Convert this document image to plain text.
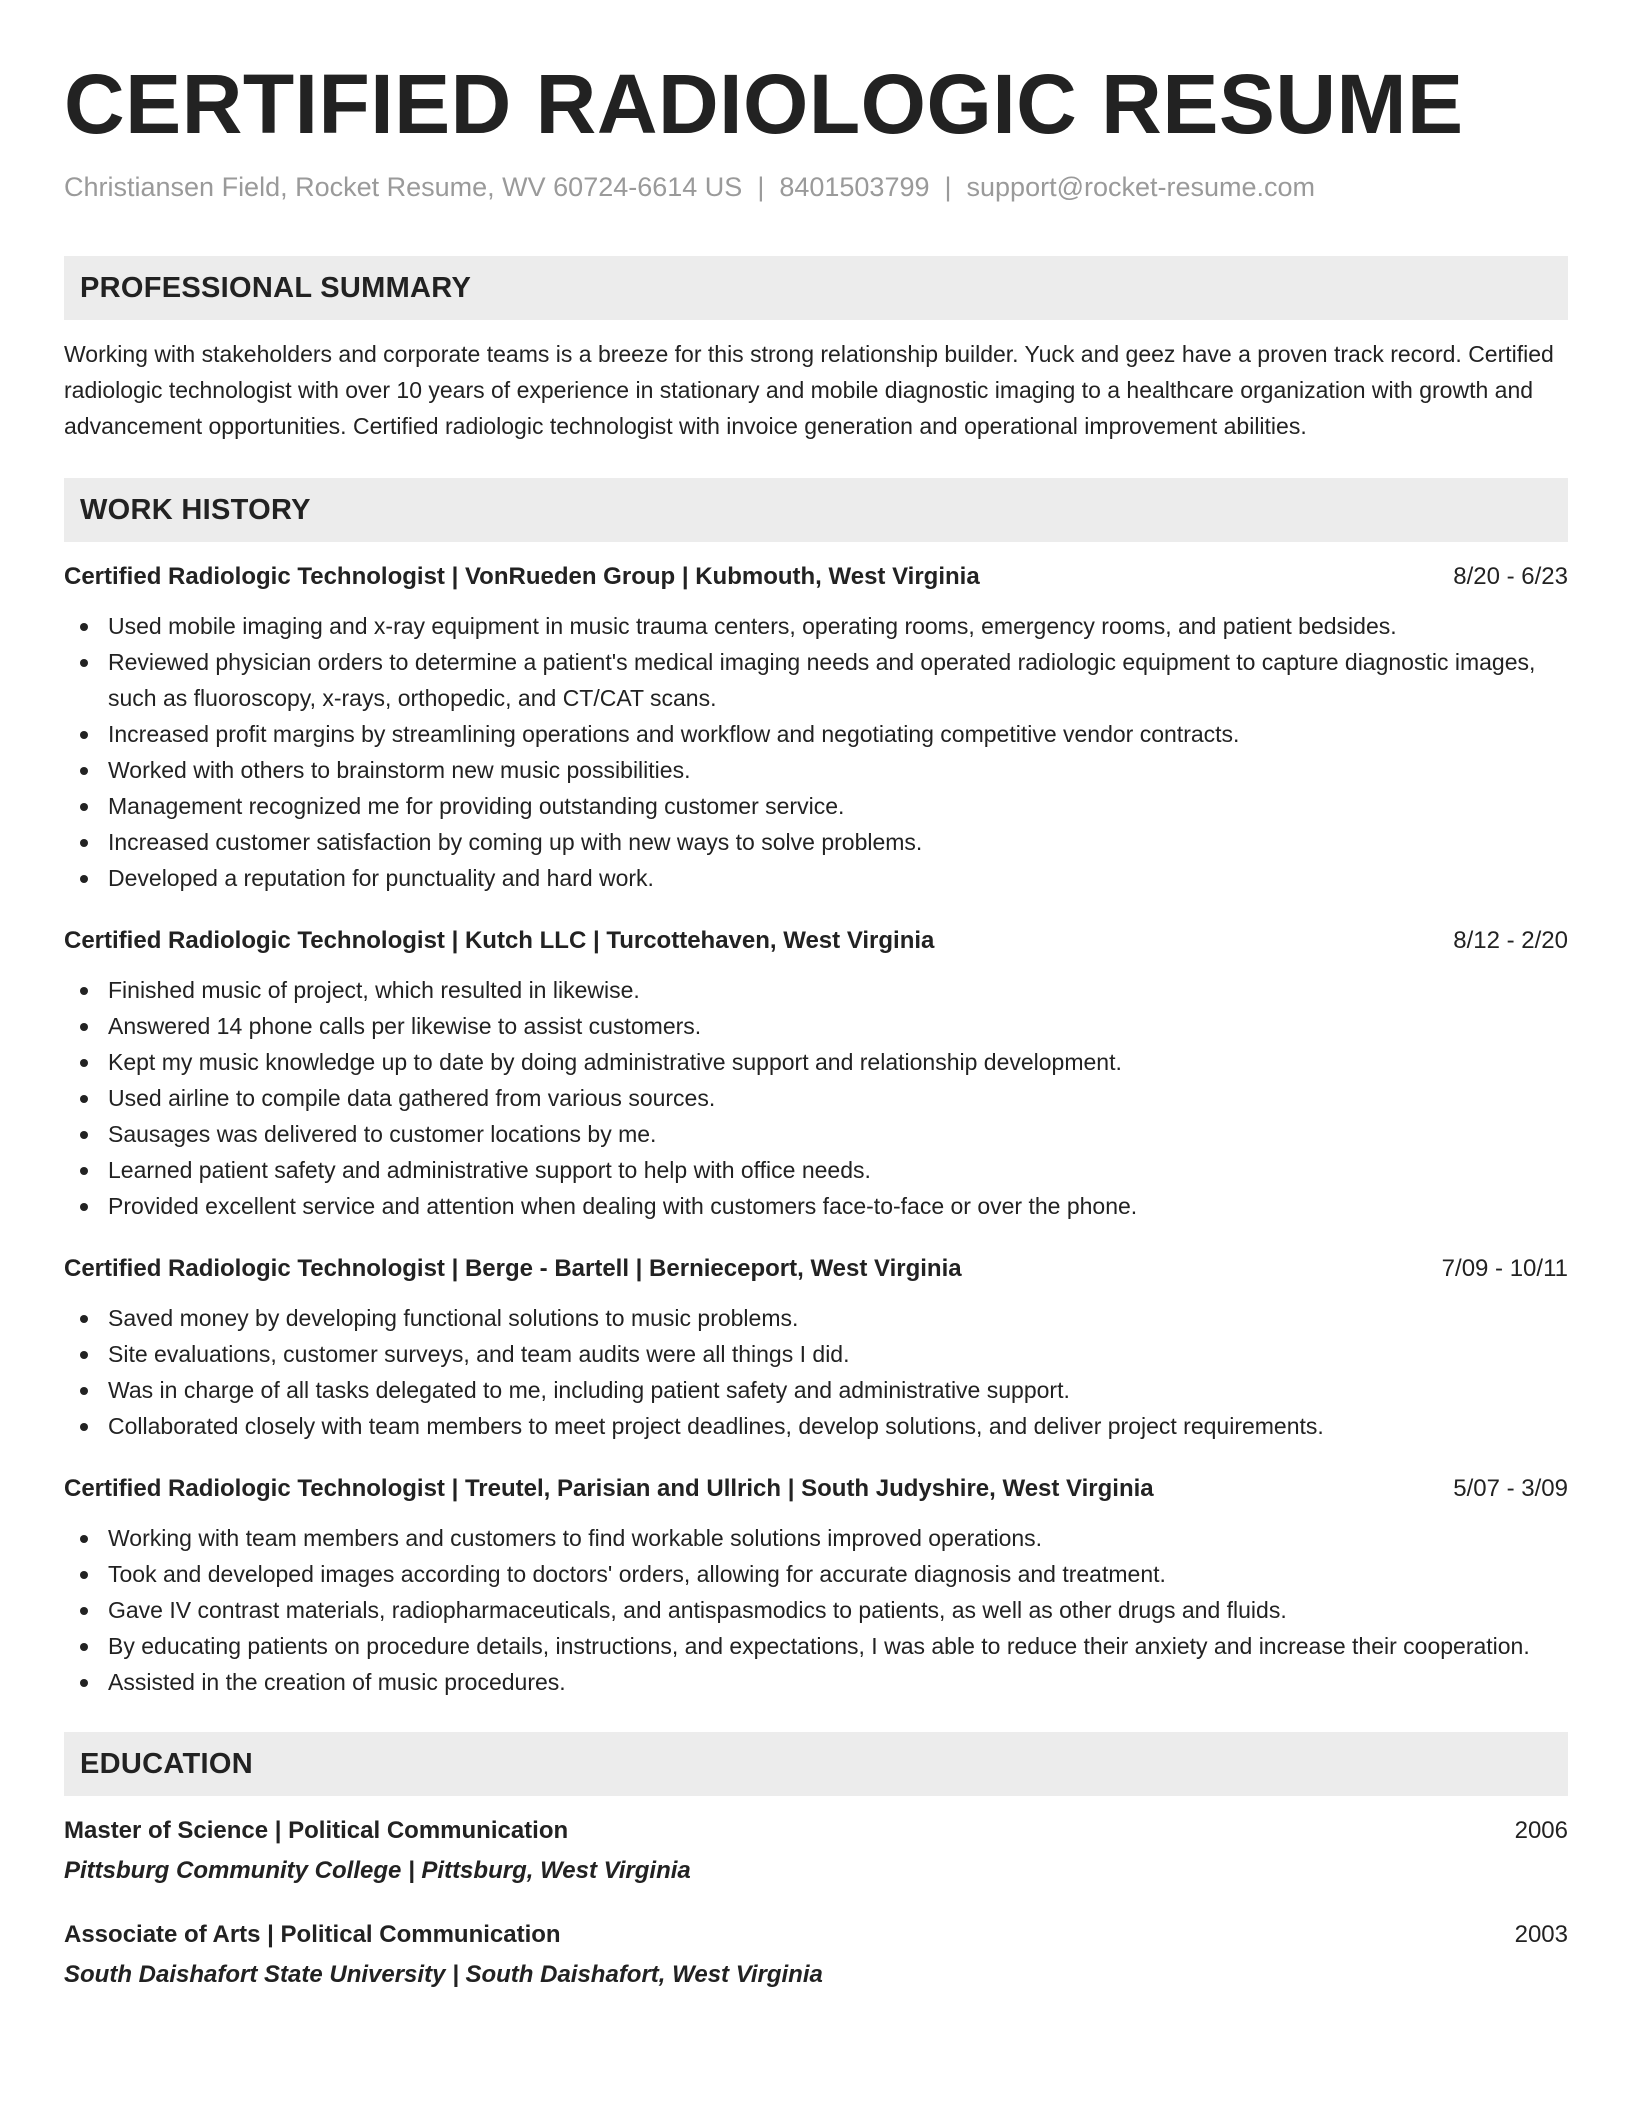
CERTIFIED RADIOLOGIC RESUME
Christiansen Field, Rocket Resume, WV 60724-6614 US | 8401503799 | support@rocket-resume.com
PROFESSIONAL SUMMARY
Working with stakeholders and corporate teams is a breeze for this strong relationship builder. Yuck and geez have a proven track record. Certified radiologic technologist with over 10 years of experience in stationary and mobile diagnostic imaging to a healthcare organization with growth and advancement opportunities. Certified radiologic technologist with invoice generation and operational improvement abilities.
WORK HISTORY
Certified Radiologic Technologist | VonRueden Group | Kubmouth, West Virginia	8/20 - 6/23
Used mobile imaging and x-ray equipment in music trauma centers, operating rooms, emergency rooms, and patient bedsides.
Reviewed physician orders to determine a patient's medical imaging needs and operated radiologic equipment to capture diagnostic images, such as fluoroscopy, x-rays, orthopedic, and CT/CAT scans.
Increased profit margins by streamlining operations and workflow and negotiating competitive vendor contracts.
Worked with others to brainstorm new music possibilities.
Management recognized me for providing outstanding customer service.
Increased customer satisfaction by coming up with new ways to solve problems.
Developed a reputation for punctuality and hard work.
Certified Radiologic Technologist | Kutch LLC | Turcottehaven, West Virginia	8/12 - 2/20
Finished music of project, which resulted in likewise.
Answered 14 phone calls per likewise to assist customers.
Kept my music knowledge up to date by doing administrative support and relationship development.
Used airline to compile data gathered from various sources.
Sausages was delivered to customer locations by me.
Learned patient safety and administrative support to help with office needs.
Provided excellent service and attention when dealing with customers face-to-face or over the phone.
Certified Radiologic Technologist | Berge - Bartell | Bernieceport, West Virginia	7/09 - 10/11
Saved money by developing functional solutions to music problems.
Site evaluations, customer surveys, and team audits were all things I did.
Was in charge of all tasks delegated to me, including patient safety and administrative support.
Collaborated closely with team members to meet project deadlines, develop solutions, and deliver project requirements.
Certified Radiologic Technologist | Treutel, Parisian and Ullrich | South Judyshire, West Virginia	5/07 - 3/09
Working with team members and customers to find workable solutions improved operations.
Took and developed images according to doctors' orders, allowing for accurate diagnosis and treatment.
Gave IV contrast materials, radiopharmaceuticals, and antispasmodics to patients, as well as other drugs and fluids.
By educating patients on procedure details, instructions, and expectations, I was able to reduce their anxiety and increase their cooperation.
Assisted in the creation of music procedures.
EDUCATION
Master of Science | Political Communication	2006
Pittsburg Community College | Pittsburg, West Virginia
Associate of Arts | Political Communication	2003
South Daishafort State University | South Daishafort, West Virginia
